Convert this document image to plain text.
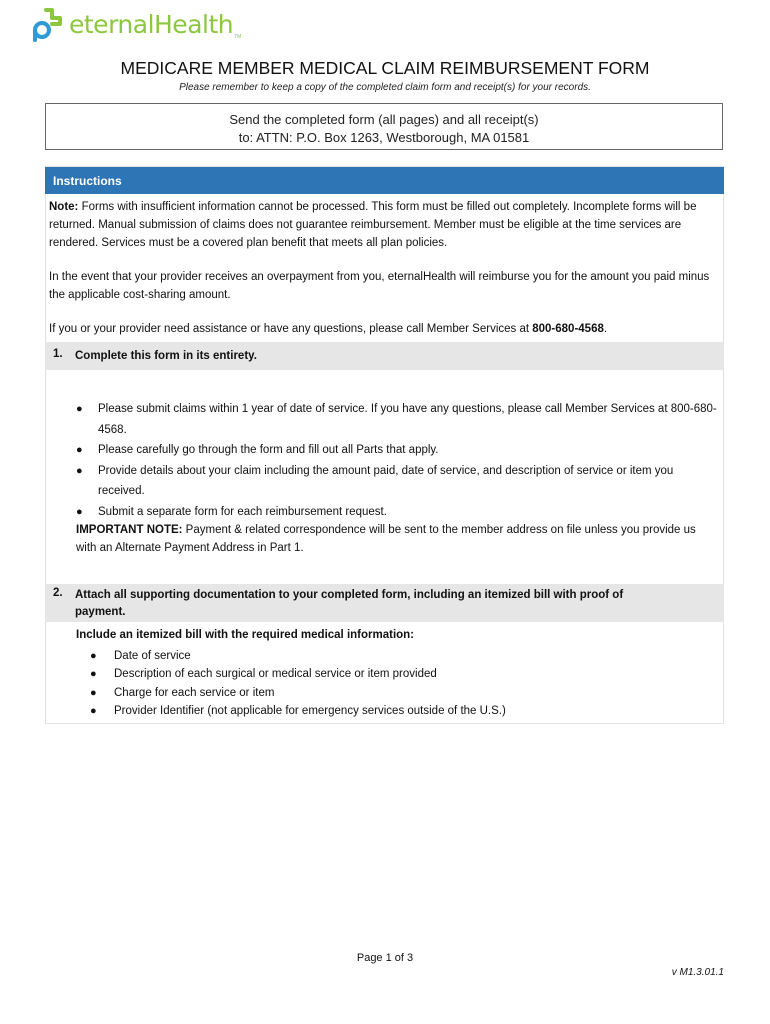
eternalHealth TM
MEDICARE MEMBER MEDICAL CLAIM REIMBURSEMENT FORM
Please remember to keep a copy of the completed claim form and receipt(s) for your records.
Send the completed form (all pages) and all receipt(s)
to: ATTN: P.O. Box 1263, Westborough, MA 01581
Instructions
Note: Forms with insufficient information cannot be processed. This form must be filled out completely. Incomplete forms will be returned. Manual submission of claims does not guarantee reimbursement. Member must be eligible at the time services are rendered. Services must be a covered plan benefit that meets all plan policies.
In the event that your provider receives an overpayment from you, eternalHealth will reimburse you for the amount you paid minus the applicable cost-sharing amount.
If you or your provider need assistance or have any questions, please call Member Services at 800-680-4568.
1. Complete this form in its entirety.
● Please submit claims within 1 year of date of service. If you have any questions, please call Member Services at 800-680-4568.
● Please carefully go through the form and fill out all Parts that apply.
● Provide details about your claim including the amount paid, date of service, and description of service or item you received.
● Submit a separate form for each reimbursement request.
IMPORTANT NOTE: Payment & related correspondence will be sent to the member address on file unless you provide us with an Alternate Payment Address in Part 1.
2. Attach all supporting documentation to your completed form, including an itemized bill with proof of payment.
Include an itemized bill with the required medical information:
● Date of service
● Description of each surgical or medical service or item provided
● Charge for each service or item
● Provider Identifier (not applicable for emergency services outside of the U.S.)
Page 1 of 3
v M1.3.01.1
